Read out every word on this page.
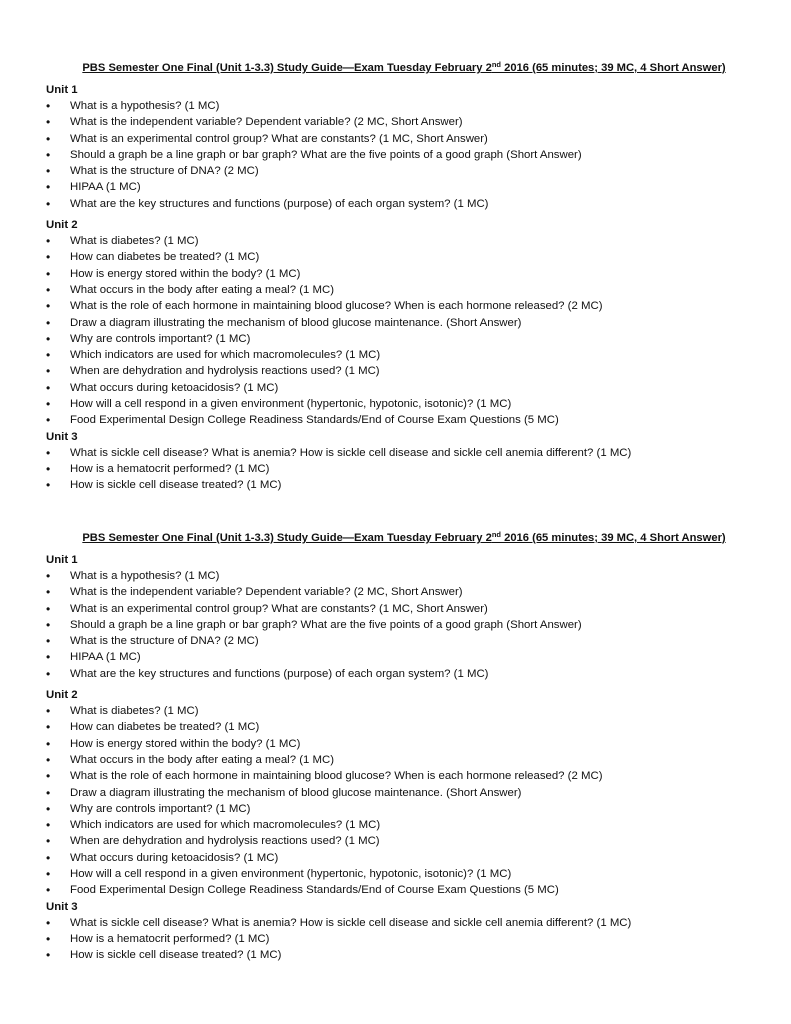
PBS Semester One Final (Unit 1-3.3) Study Guide—Exam Tuesday February 2nd 2016 (65 minutes; 39 MC, 4 Short Answer)
Unit 1
• What is a hypothesis? (1 MC)
• What is the independent variable? Dependent variable? (2 MC, Short Answer)
• What is an experimental control group? What are constants? (1 MC, Short Answer)
• Should a graph be a line graph or bar graph? What are the five points of a good graph (Short Answer)
• What is the structure of DNA? (2 MC)
• HIPAA (1 MC)
• What are the key structures and functions (purpose) of each organ system? (1 MC)
Unit 2
• What is diabetes? (1 MC)
• How can diabetes be treated? (1 MC)
• How is energy stored within the body? (1 MC)
• What occurs in the body after eating a meal? (1 MC)
• What is the role of each hormone in maintaining blood glucose? When is each hormone released? (2 MC)
• Draw a diagram illustrating the mechanism of blood glucose maintenance. (Short Answer)
• Why are controls important? (1 MC)
• Which indicators are used for which macromolecules? (1 MC)
• When are dehydration and hydrolysis reactions used? (1 MC)
• What occurs during ketoacidosis? (1 MC)
• How will a cell respond in a given environment (hypertonic, hypotonic, isotonic)? (1 MC)
• Food Experimental Design College Readiness Standards/End of Course Exam Questions (5 MC)
Unit 3
• What is sickle cell disease? What is anemia? How is sickle cell disease and sickle cell anemia different? (1 MC)
• How is a hematocrit performed? (1 MC)
• How is sickle cell disease treated? (1 MC)
PBS Semester One Final (Unit 1-3.3) Study Guide—Exam Tuesday February 2nd 2016 (65 minutes; 39 MC, 4 Short Answer)
Unit 1
• What is a hypothesis? (1 MC)
• What is the independent variable? Dependent variable? (2 MC, Short Answer)
• What is an experimental control group? What are constants? (1 MC, Short Answer)
• Should a graph be a line graph or bar graph? What are the five points of a good graph (Short Answer)
• What is the structure of DNA? (2 MC)
• HIPAA (1 MC)
• What are the key structures and functions (purpose) of each organ system? (1 MC)
Unit 2
• What is diabetes? (1 MC)
• How can diabetes be treated? (1 MC)
• How is energy stored within the body? (1 MC)
• What occurs in the body after eating a meal? (1 MC)
• What is the role of each hormone in maintaining blood glucose? When is each hormone released? (2 MC)
• Draw a diagram illustrating the mechanism of blood glucose maintenance. (Short Answer)
• Why are controls important? (1 MC)
• Which indicators are used for which macromolecules? (1 MC)
• When are dehydration and hydrolysis reactions used? (1 MC)
• What occurs during ketoacidosis? (1 MC)
• How will a cell respond in a given environment (hypertonic, hypotonic, isotonic)? (1 MC)
• Food Experimental Design College Readiness Standards/End of Course Exam Questions (5 MC)
Unit 3
• What is sickle cell disease? What is anemia? How is sickle cell disease and sickle cell anemia different? (1 MC)
• How is a hematocrit performed? (1 MC)
• How is sickle cell disease treated? (1 MC)
